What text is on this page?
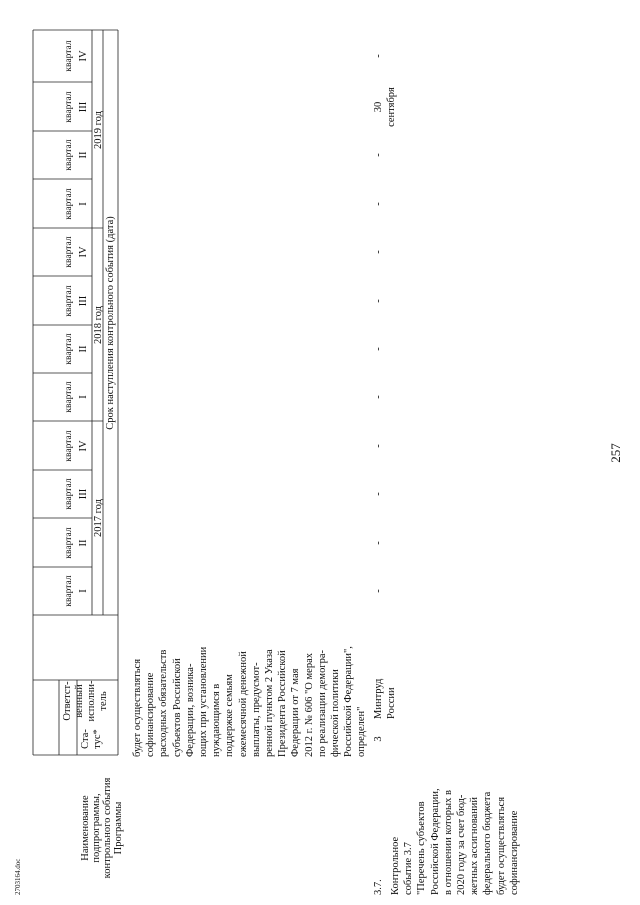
257
Наименование подпрограммы, контрольного события Программы
Ста- тус*
Ответст- венный исполни- тель
Срок наступления контрольного события (дата)
2017 год
2018 год
2019 год
I
II
III
IV
I
II
III
IV
I
II
III
IV
квартал
квартал
квартал
квартал
квартал
квартал
квартал
квартал
квартал
квартал
квартал
квартал
будет осуществляться
софинансирование
расходных обязательств
субъектов Российской
Федерации, возника-
ющих при установлении
нуждающимся в
поддержке семьям
ежемесячной денежной
выплаты, предусмот-
ренной пунктом 2 Указа
Президента Российской
Федерации от 7 мая
2012 г. № 606 "О мерах
по реализации демогра-
фической политики
Российской Федерации",
определен"
3.7. Контрольное
событие 3.7
"Перечень субъектов
Российской Федерации,
в отношении которых в
2020 году за счет бюд-
жетных ассигнований
федерального бюджета
будет осуществляться
софинансирование
3
Минтруд России
-
-
-
-
-
-
-
-
-
-
30 сентября
-
2703164.doc
